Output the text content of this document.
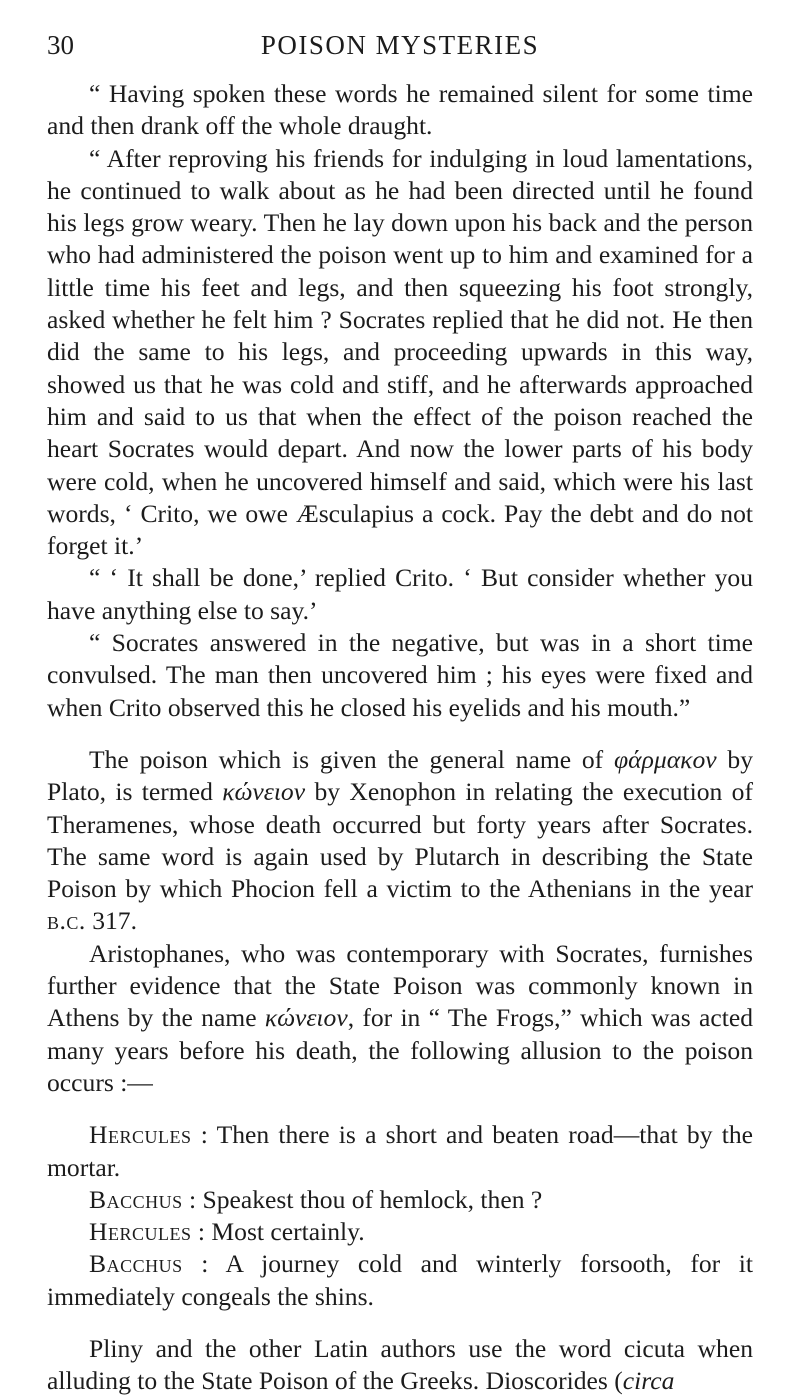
30	POISON MYSTERIES

“ Having spoken these words he remained silent for some time and then drank off the whole draught.

“ After reproving his friends for indulging in loud lamentations, he continued to walk about as he had been directed until he found his legs grow weary. Then he lay down upon his back and the person who had administered the poison went up to him and examined for a little time his feet and legs, and then squeezing his foot strongly, asked whether he felt him ? Socrates replied that he did not. He then did the same to his legs, and proceeding upwards in this way, showed us that he was cold and stiff, and he afterwards approached him and said to us that when the effect of the poison reached the heart Socrates would depart. And now the lower parts of his body were cold, when he uncovered himself and said, which were his last words, ‘ Crito, we owe Æsculapius a cock. Pay the debt and do not forget it.’

“ ‘ It shall be done,’ replied Crito. ‘ But consider whether you have anything else to say.’

“ Socrates answered in the negative, but was in a short time convulsed. The man then uncovered him ; his eyes were fixed and when Crito observed this he closed his eyelids and his mouth.”

The poison which is given the general name of φάρμακον by Plato, is termed κώνειον by Xenophon in relating the execution of Theramenes, whose death occurred but forty years after Socrates. The same word is again used by Plutarch in describing the State Poison by which Phocion fell a victim to the Athenians in the year b.c. 317.

Aristophanes, who was contemporary with Socrates, furnishes further evidence that the State Poison was commonly known in Athens by the name κώνειον, for in “ The Frogs,” which was acted many years before his death, the following allusion to the poison occurs :—

Hercules : Then there is a short and beaten road—that by the mortar.

Bacchus : Speakest thou of hemlock, then ?

Hercules : Most certainly.

Bacchus : A journey cold and winterly forsooth, for it immediately congeals the shins.

Pliny and the other Latin authors use the word cicuta when alluding to the State Poison of the Greeks. Dioscorides (circa
